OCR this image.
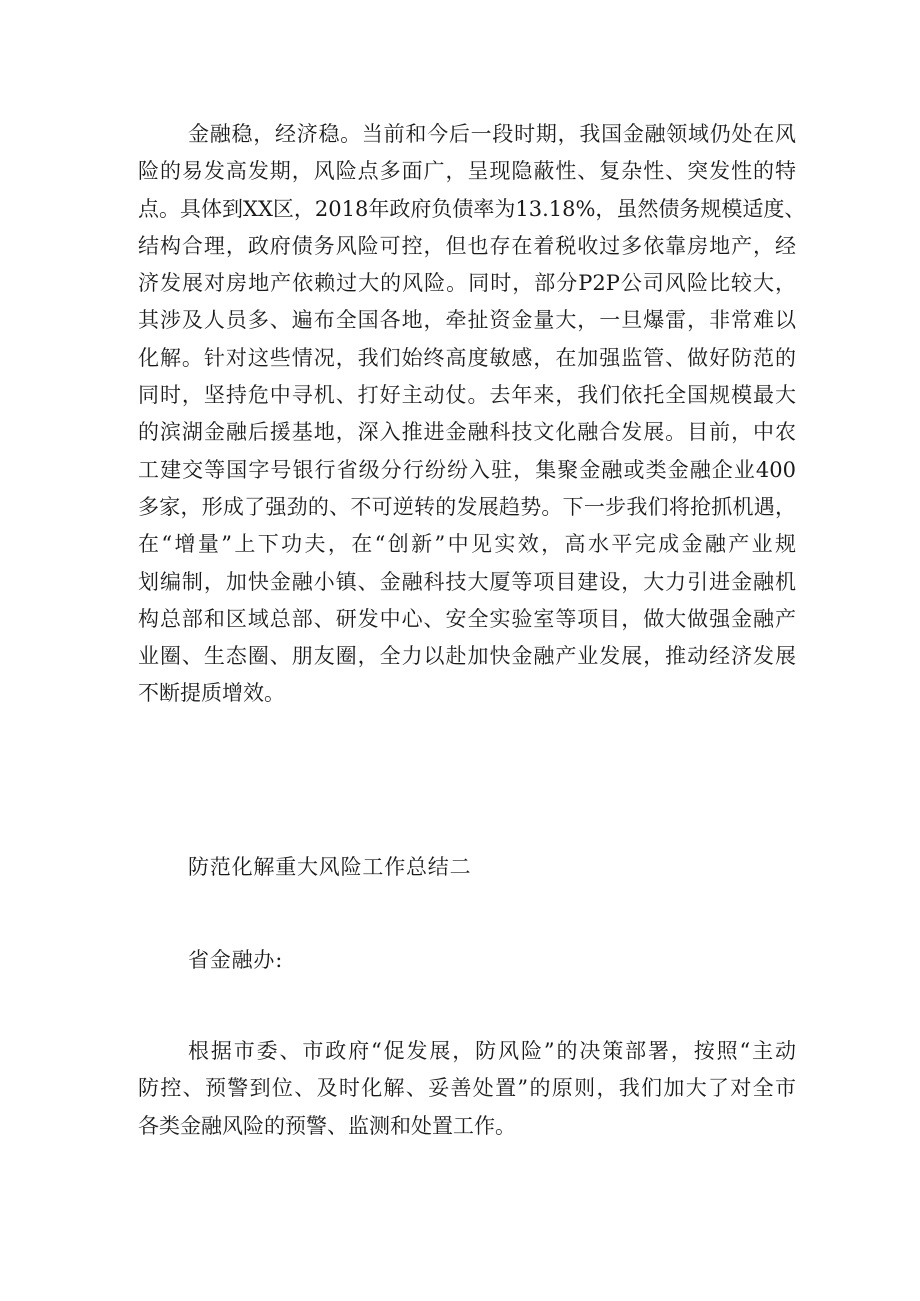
金融稳，经济稳。当前和今后一段时期，我国金融领域仍处在风
险的易发高发期，风险点多面广，呈现隐蔽性、复杂性、突发性的特
点。具体到XX区，2018年政府负债率为13.18%，虽然债务规模适度、
结构合理，政府债务风险可控，但也存在着税收过多依靠房地产，经
济发展对房地产依赖过大的风险。同时，部分P2P公司风险比较大，
其涉及人员多、遍布全国各地，牵扯资金量大，一旦爆雷，非常难以
化解。针对这些情况，我们始终高度敏感，在加强监管、做好防范的
同时，坚持危中寻机、打好主动仗。去年来，我们依托全国规模最大
的滨湖金融后援基地，深入推进金融科技文化融合发展。目前，中农
工建交等国字号银行省级分行纷纷入驻，集聚金融或类金融企业400
多家，形成了强劲的、不可逆转的发展趋势。下一步我们将抢抓机遇，
在“增量”上下功夫，在“创新”中见实效，高水平完成金融产业规
划编制，加快金融小镇、金融科技大厦等项目建设，大力引进金融机
构总部和区域总部、研发中心、安全实验室等项目，做大做强金融产
业圈、生态圈、朋友圈，全力以赴加快金融产业发展，推动经济发展
不断提质增效。

防范化解重大风险工作总结二

省金融办:

根据市委、市政府“促发展，防风险”的决策部署，按照“主动
防控、预警到位、及时化解、妥善处置”的原则，我们加大了对全市
各类金融风险的预警、监测和处置工作。
